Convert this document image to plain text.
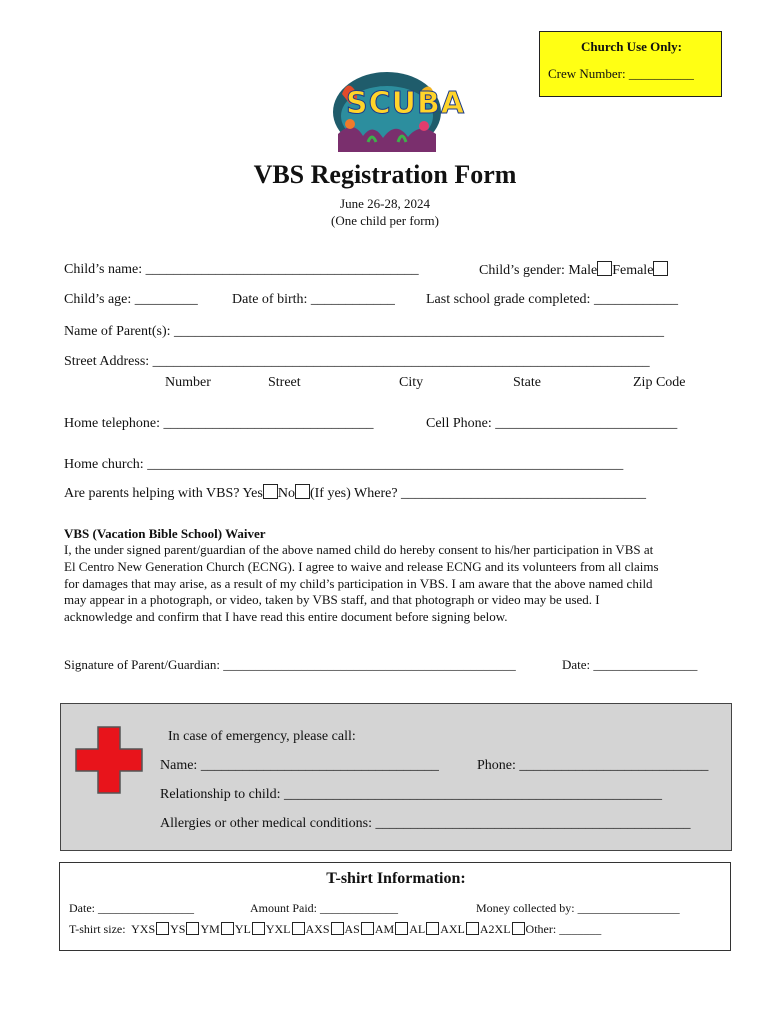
Church Use Only:
Crew Number: __________
SCUBA
VBS Registration Form
June 26-28, 2024
(One child per form)
Child’s name: _______________________________________	Child’s gender: Male Female
Child’s age: _________ Date of birth: ____________ Last school grade completed: ____________
Name of Parent(s): ______________________________________________________________________
Street Address: _______________________________________________________________________
Number	Street	City	State	Zip Code
Home telephone: ______________________________	Cell Phone: __________________________
Home church: ____________________________________________________________________
Are parents helping with VBS? Yes No (If yes) Where? ___________________________________
VBS (Vacation Bible School) Waiver
I, the under signed parent/guardian of the above named child do hereby consent to his/her participation in VBS at
El Centro New Generation Church (ECNG). I agree to waive and release ECNG and its volunteers from all claims
for damages that may arise, as a result of my child’s participation in VBS. I am aware that the above named child
may appear in a photograph, or video, taken by VBS staff, and that photograph or video may be used. I
acknowledge and confirm that I have read this entire document before signing below.
Signature of Parent/Guardian: _____________________________________________	Date: ________________
In case of emergency, please call:
Name: __________________________________	Phone: ___________________________
Relationship to child: ______________________________________________________
Allergies or other medical conditions: _____________________________________________
T-shirt Information:
Date: ________________	Amount Paid: _____________	Money collected by: _________________
T-shirt size: YXS YS YM YL YXL AXS AS AM AL AXL A2XL Other: _______
